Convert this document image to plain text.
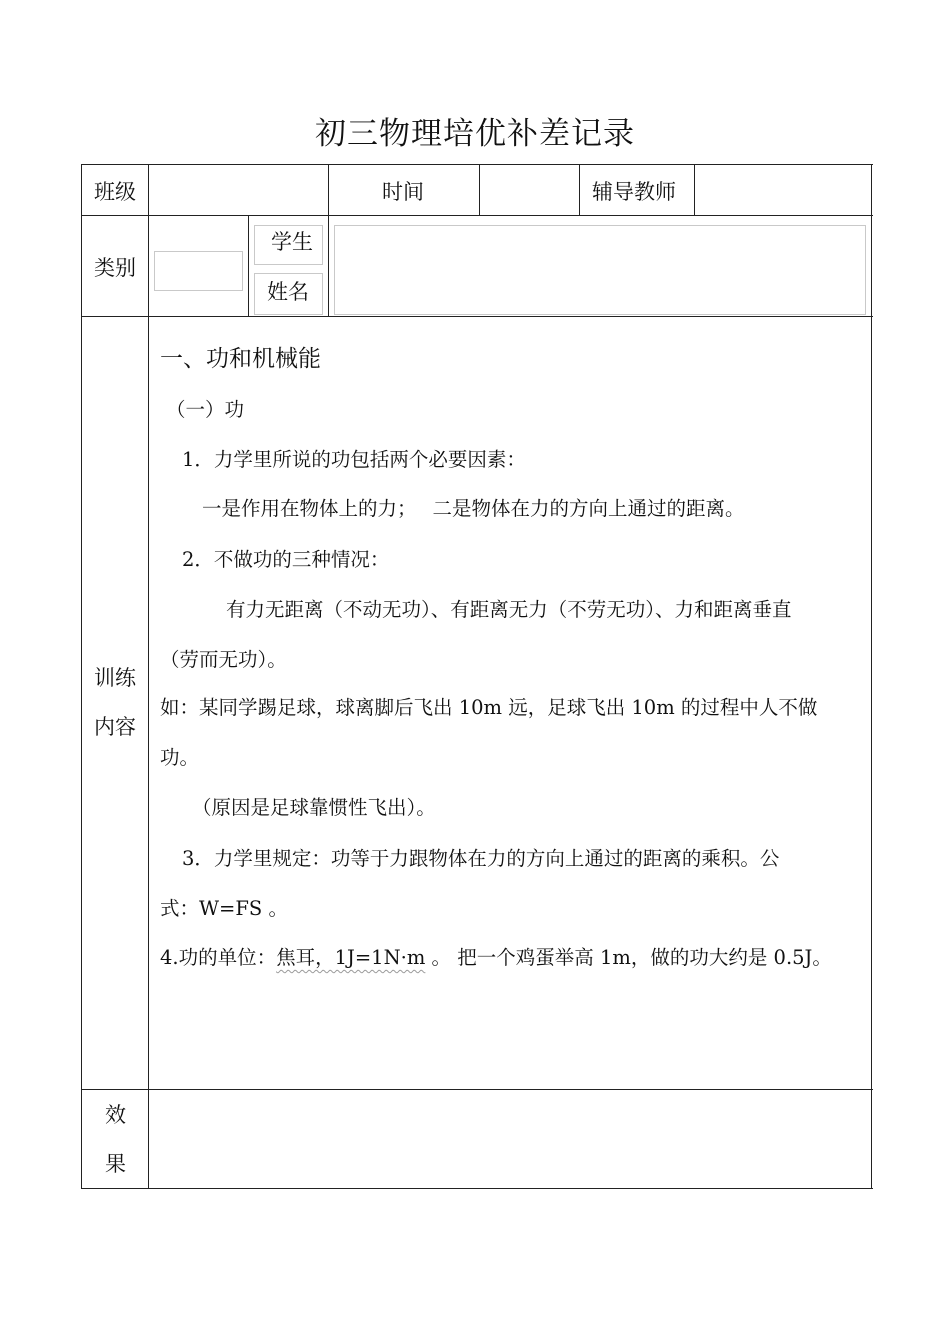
初三物理培优补差记录
班级	时间	辅导教师
类别
学生
姓名
训练
内容
一、功和机械能
（一）功
1．力学里所说的功包括两个必要因素：
一是作用在物体上的力；　 二是物体在力的方向上通过的距离。
2．不做功的三种情况：
有力无距离（不动无功）、有距离无力（不劳无功）、力和距离垂直
（劳而无功）。
如：某同学踢足球，球离脚后飞出 10m 远，足球飞出 10m 的过程中人不做
功。
（原因是足球靠惯性飞出）。
3．力学里规定：功等于力跟物体在力的方向上通过的距离的乘积。公
式：W=FS 。
4.功的单位：焦耳，1J=1N·m 。 把一个鸡蛋举高 1m，做的功大约是 0.5J。
效
果
